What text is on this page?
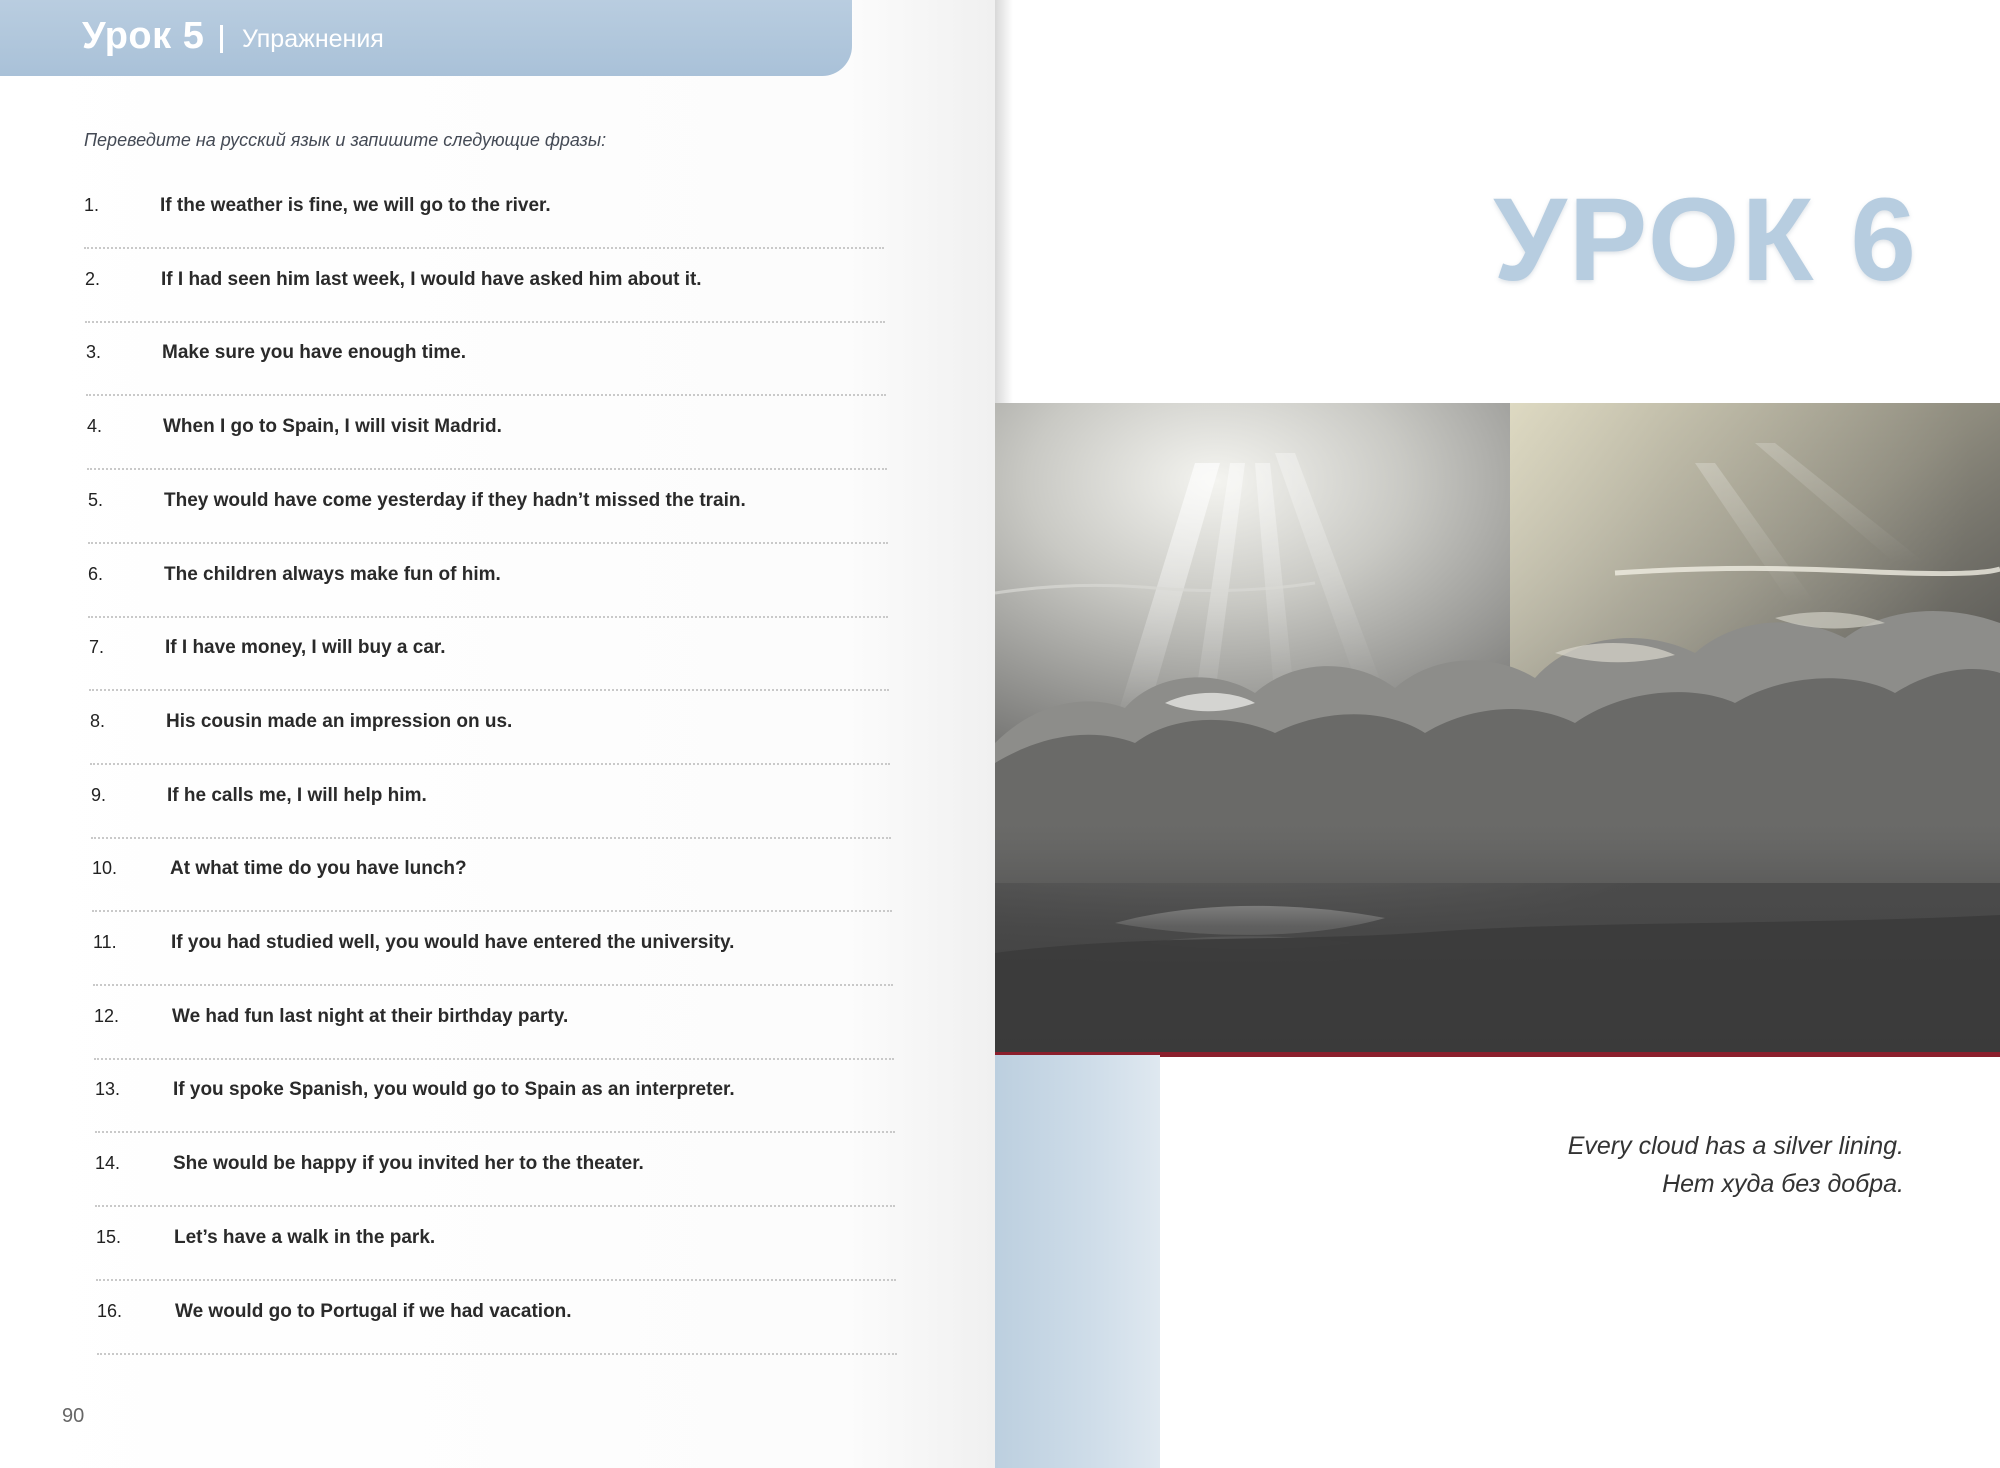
Урок 5 Упражнения
Переведите на русский язык и запишите следующие фразы:
1.	If the weather is fine, we will go to the river.
2.	If I had seen him last week, I would have asked him about it.
3.	Make sure you have enough time.
4.	When I go to Spain, I will visit Madrid.
5.	They would have come yesterday if they hadn’t missed the train.
6.	The children always make fun of him.
7.	If I have money, I will buy a car.
8.	His cousin made an impression on us.
9.	If he calls me, I will help him.
10.	At what time do you have lunch?
11.	If you had studied well, you would have entered the university.
12.	We had fun last night at their birthday party.
13.	If you spoke Spanish, you would go to Spain as an interpreter.
14.	She would be happy if you invited her to the theater.
15.	Let’s have a walk in the park.
16.	We would go to Portugal if we had vacation.
90
УРОК 6
Every cloud has a silver lining.
Нет худа без добра.
